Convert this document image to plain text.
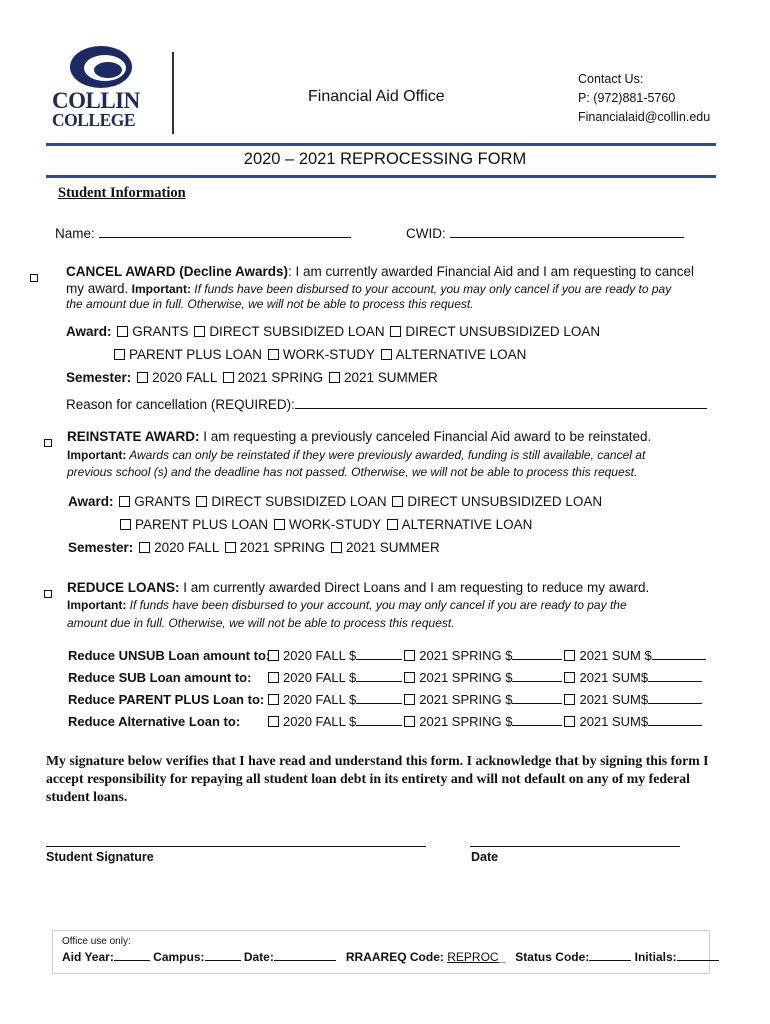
COLLIN
COLLEGE
Financial Aid Office
Contact Us:
P: (972)881-5760
Financialaid@collin.edu
2020 – 2021 REPROCESSING FORM
Student Information
Name:	CWID:
CANCEL AWARD (Decline Awards): I am currently awarded Financial Aid and I am requesting to cancel
my award. Important: If funds have been disbursed to your account, you may only cancel if you are ready to pay
the amount due in full. Otherwise, we will not be able to process this request.
Award: GRANTS DIRECT SUBSIDIZED LOAN DIRECT UNSUBSIDIZED LOAN
PARENT PLUS LOAN WORK-STUDY ALTERNATIVE LOAN
Semester: 2020 FALL 2021 SPRING 2021 SUMMER
Reason for cancellation (REQUIRED):
REINSTATE AWARD: I am requesting a previously canceled Financial Aid award to be reinstated.
Important: Awards can only be reinstated if they were previously awarded, funding is still available, cancel at
previous school (s) and the deadline has not passed. Otherwise, we will not be able to process this request.
Award: GRANTS DIRECT SUBSIDIZED LOAN DIRECT UNSUBSIDIZED LOAN
PARENT PLUS LOAN WORK-STUDY ALTERNATIVE LOAN
Semester: 2020 FALL 2021 SPRING 2021 SUMMER
REDUCE LOANS: I am currently awarded Direct Loans and I am requesting to reduce my award.
Important: If funds have been disbursed to your account, you may only cancel if you are ready to pay the
amount due in full. Otherwise, we will not be able to process this request.
Reduce UNSUB Loan amount to: 2020 FALL $	2021 SPRING $	2021 SUM $
Reduce SUB Loan amount to: 2020 FALL $	2021 SPRING $	2021 SUM$
Reduce PARENT PLUS Loan to: 2020 FALL $	2021 SPRING $	2021 SUM$
Reduce Alternative Loan to:	2020 FALL $	2021 SPRING $	2021 SUM$
My signature below verifies that I have read and understand this form. I acknowledge that by signing this form I accept responsibility for repaying all student loan debt in its entirety and will not default on any of my federal student loans.
Student Signature	Date
Office use only:
Aid Year:	Campus:	Date:	RRAAREQ Code: REPROC_   Status Code:	Initials:
